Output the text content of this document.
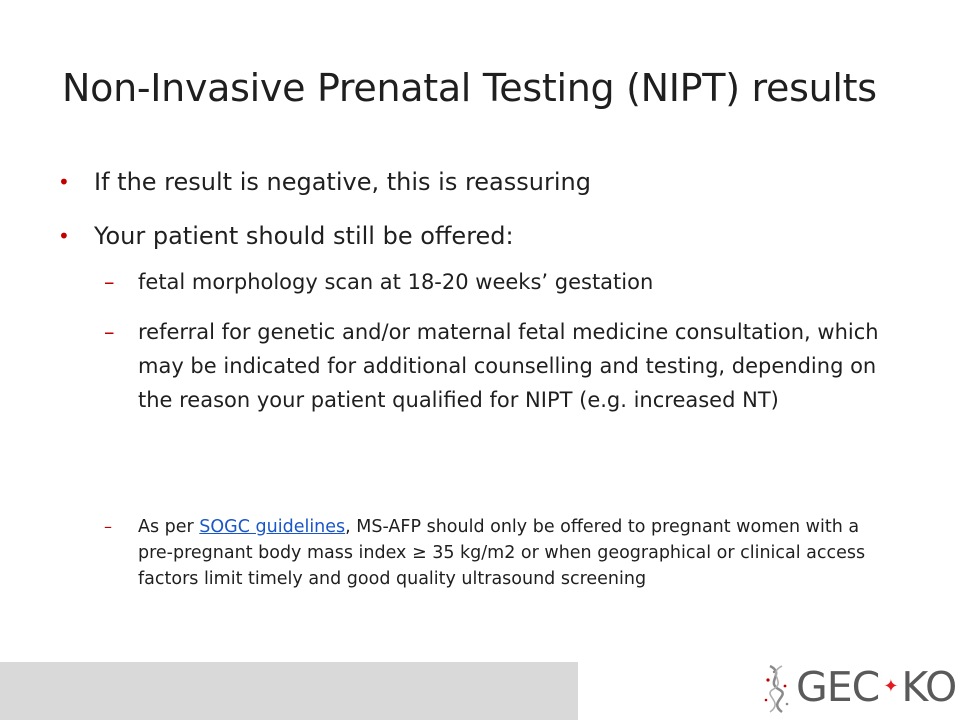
Non-Invasive Prenatal Testing (NIPT) results
• If the result is negative, this is reassuring
• Your patient should still be offered:
– fetal morphology scan at 18-20 weeks’ gestation
– referral for genetic and/or maternal fetal medicine consultation, which may be indicated for additional counselling and testing, depending on the reason your patient qualified for NIPT (e.g. increased NT)
– As per SOGC guidelines, MS-AFP should only be offered to pregnant women with a pre-pregnant body mass index ≥ 35 kg/m2 or when geographical or clinical access factors limit timely and good quality ultrasound screening
GEC ✦KO
